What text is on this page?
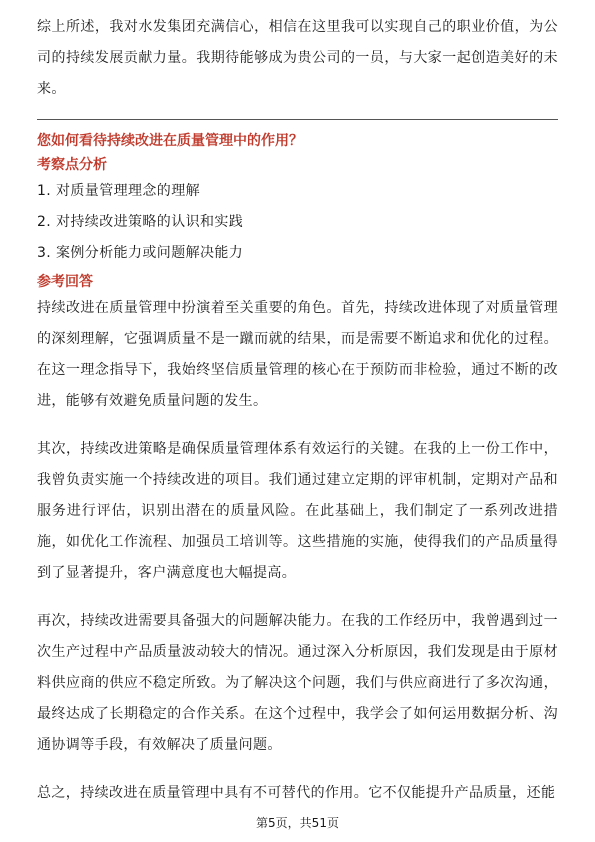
综上所述，我对水发集团充满信心，相信在这里我可以实现自己的职业价值，为公司的持续发展贡献力量。我期待能够成为贵公司的一员，与大家一起创造美好的未来。

您如何看待持续改进在质量管理中的作用？
考察点分析
1. 对质量管理理念的理解
2. 对持续改进策略的认识和实践
3. 案例分析能力或问题解决能力
参考回答

持续改进在质量管理中扮演着至关重要的角色。首先，持续改进体现了对质量管理的深刻理解，它强调质量不是一蹴而就的结果，而是需要不断追求和优化的过程。在这一理念指导下，我始终坚信质量管理的核心在于预防而非检验，通过不断的改进，能够有效避免质量问题的发生。

其次，持续改进策略是确保质量管理体系有效运行的关键。在我的上一份工作中，我曾负责实施一个持续改进的项目。我们通过建立定期的评审机制，定期对产品和服务进行评估，识别出潜在的质量风险。在此基础上，我们制定了一系列改进措施，如优化工作流程、加强员工培训等。这些措施的实施，使得我们的产品质量得到了显著提升，客户满意度也大幅提高。

再次，持续改进需要具备强大的问题解决能力。在我的工作经历中，我曾遇到过一次生产过程中产品质量波动较大的情况。通过深入分析原因，我们发现是由于原材料供应商的供应不稳定所致。为了解决这个问题，我们与供应商进行了多次沟通，最终达成了长期稳定的合作关系。在这个过程中，我学会了如何运用数据分析、沟通协调等手段，有效解决了质量问题。

总之，持续改进在质量管理中具有不可替代的作用。它不仅能提升产品质量，还能

第5页，共51页
